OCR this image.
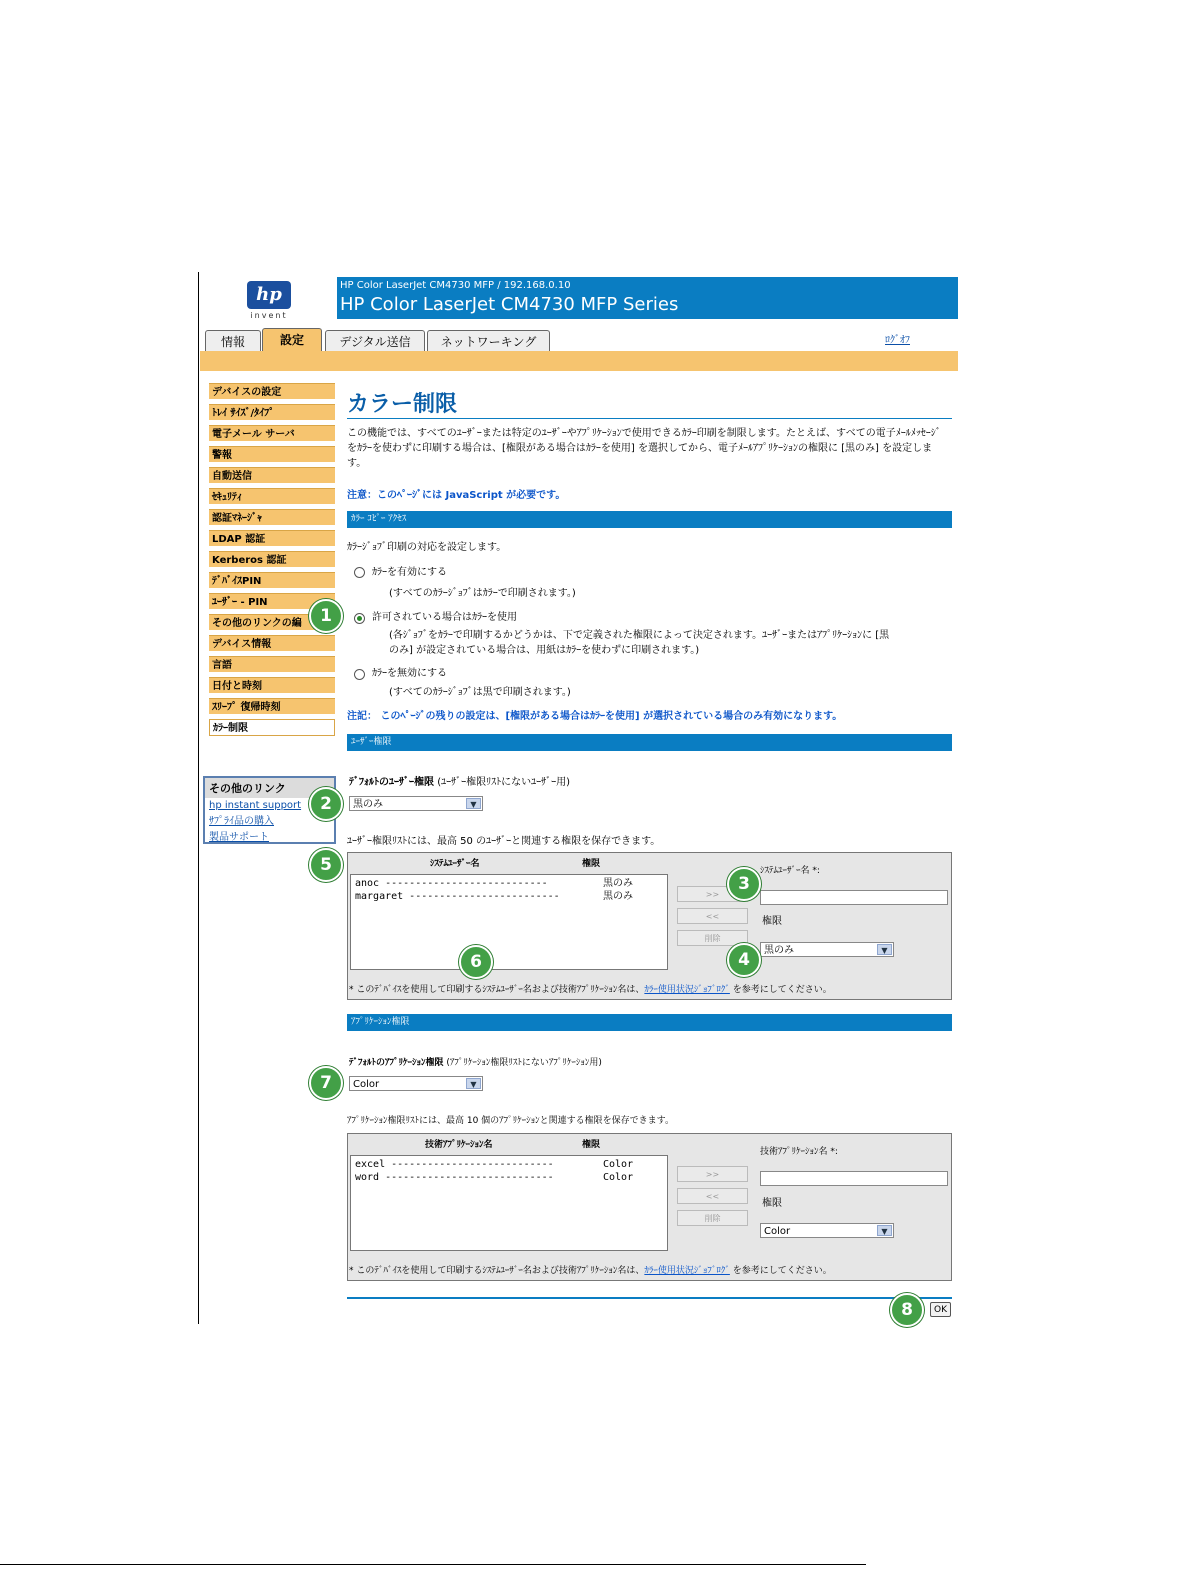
hp
invent
HP Color LaserJet CM4730 MFP / 192.168.0.10
HP Color LaserJet CM4730 MFP Series
情報	設定	デジタル送信	ネットワーキング	ﾛｸﾞｵﾌ
デバイスの設定
ﾄﾚｲ ｻｲｽﾞ/ﾀｲﾌﾟ
電子メール サーバ
警報
自動送信
ｾｷｭﾘﾃｨ
認証ﾏﾈｰｼﾞｬ
LDAP 認証
Kerberos 認証
ﾃﾞﾊﾞｲｽPIN
ﾕｰｻﾞｰ - PIN
その他のリンクの編
デバイス情報
言語
日付と時刻
ｽﾘｰﾌﾟ 復帰時刻
ｶﾗｰ制限
その他のリンク
hp instant support
ｻﾌﾟﾗｲ品の購入
製品サポート
カラー制限
この機能では、すべてのﾕｰｻﾞｰまたは特定のﾕｰｻﾞｰやｱﾌﾟﾘｹｰｼｮﾝで使用できるｶﾗｰ印刷を制限します。たとえば、すべての電子ﾒｰﾙﾒｯｾｰｼﾞ
をｶﾗｰを使わずに印刷する場合は、[権限がある場合はｶﾗｰを使用] を選択してから、電子ﾒｰﾙｱﾌﾟﾘｹｰｼｮﾝの権限に [黒のみ] を設定しま
す。
注意：このﾍﾟｰｼﾞには JavaScript が必要です。
ｶﾗｰ ｺﾋﾟｰ ｱｸｾｽ
ｶﾗｰｼﾞｮﾌﾞ印刷の対応を設定します。
ｶﾗｰを有効にする
(すべてのｶﾗｰｼﾞｮﾌﾞはｶﾗｰで印刷されます。)
許可されている場合はｶﾗｰを使用
(各ｼﾞｮﾌﾞをｶﾗｰで印刷するかどうかは、下で定義された権限によって決定されます。ﾕｰｻﾞｰまたはｱﾌﾟﾘｹｰｼｮﾝに [黒
のみ] が設定されている場合は、用紙はｶﾗｰを使わずに印刷されます。)
ｶﾗｰを無効にする
(すべてのｶﾗｰｼﾞｮﾌﾞは黒で印刷されます。)
注記： このﾍﾟｰｼﾞの残りの設定は、[権限がある場合はｶﾗｰを使用] が選択されている場合のみ有効になります。
ﾕｰｻﾞｰ権限
ﾃﾞﾌｫﾙﾄのﾕｰｻﾞｰ権限 (ﾕｰｻﾞｰ権限ﾘｽﾄにないﾕｰｻﾞｰ用)
黒のみ	▼
ﾕｰｻﾞｰ権限ﾘｽﾄには、最高 50 のﾕｰｻﾞｰと関連する権限を保存できます。
ｼｽﾃﾑﾕｰｻﾞｰ名	権限
anoc ---------------------------	黒のみ
margaret -------------------------	黒のみ	>>
<<
削除
ｼｽﾃﾑﾕｰｻﾞｰ名 *:
権限
黒のみ	▼
* このﾃﾞﾊﾞｲｽを使用して印刷するｼｽﾃﾑﾕｰｻﾞｰ名および技術ｱﾌﾟﾘｹｰｼｮﾝ名は、ｶﾗｰ使用状況ｼﾞｮﾌﾞﾛｸﾞ を参考にしてください。
ｱﾌﾟﾘｹｰｼｮﾝ権限
ﾃﾞﾌｫﾙﾄのｱﾌﾟﾘｹｰｼｮﾝ権限 (ｱﾌﾟﾘｹｰｼｮﾝ権限ﾘｽﾄにないｱﾌﾟﾘｹｰｼｮﾝ用)
Color	▼
ｱﾌﾟﾘｹｰｼｮﾝ権限ﾘｽﾄには、最高 10 個のｱﾌﾟﾘｹｰｼｮﾝと関連する権限を保存できます。
技術ｱﾌﾟﾘｹｰｼｮﾝ名	権限
excel ---------------------------	Color
word ----------------------------	Color	>>
<<
削除
技術ｱﾌﾟﾘｹｰｼｮﾝ名 *:
権限
Color	▼
* このﾃﾞﾊﾞｲｽを使用して印刷するｼｽﾃﾑﾕｰｻﾞｰ名および技術ｱﾌﾟﾘｹｰｼｮﾝ名は、ｶﾗｰ使用状況ｼﾞｮﾌﾞﾛｸﾞ を参考にしてください。
OK
1
2
3
4
5
6
7
8
